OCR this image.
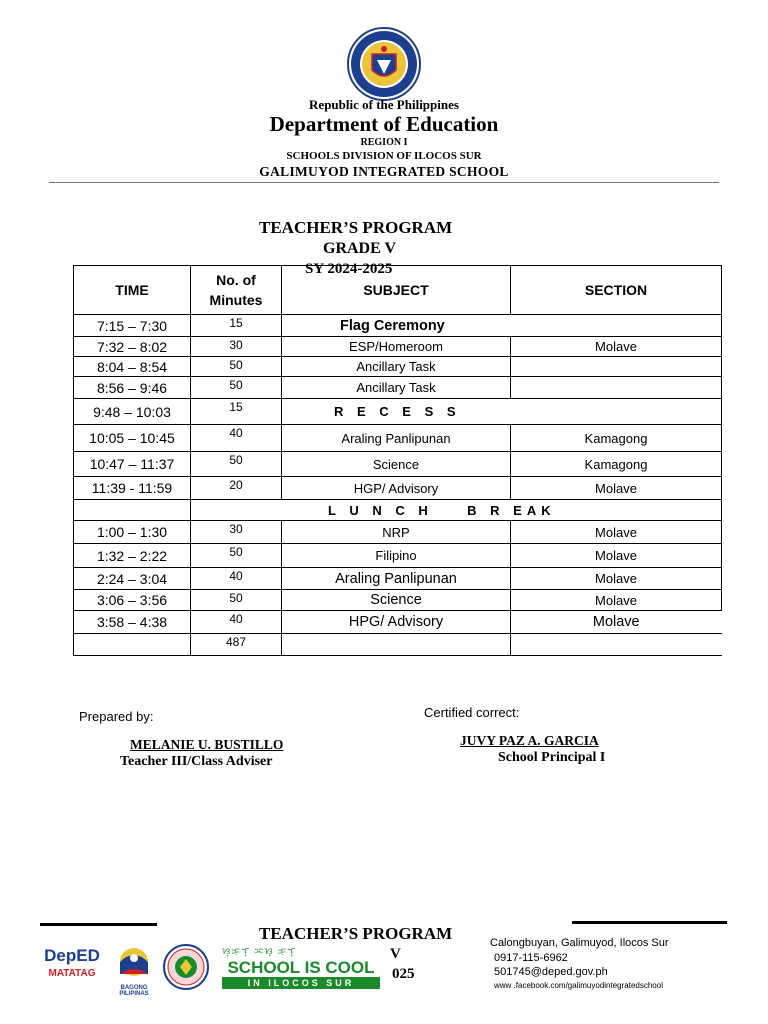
Republic of the Philippines
Department of Education
REGION I
SCHOOLS DIVISION OF ILOCOS SUR
GALIMUYOD INTEGRATED SCHOOL
TEACHER’S PROGRAM
GRADE V
SY 2024-2025
TIME	No. of Minutes	SUBJECT	SECTION
7:15 – 7:30	15	Flag Ceremony	
7:32 – 8:02	30	ESP/Homeroom	Molave
8:04 – 8:54	50	Ancillary Task	
8:56 – 9:46	50	Ancillary Task	
9:48 – 10:03	15	R E C E S S	
10:05 – 10:45	40	Araling Panlipunan	Kamagong
10:47 – 11:37	50	Science	Kamagong
11:39 - 11:59	20	HGP/ Advisory	Molave
	L U N C H    B R EAK		
1:00 – 1:30	30	NRP	Molave
1:32 – 2:22	50	Filipino	Molave
2:24 – 3:04	40	Araling Panlipunan	Molave
3:06 – 3:56	50	Science	Molave
3:58 – 4:38	40	HPG/ Advisory	Molave
	487		
Prepared by:
MELANIE U. BUSTILLO
Teacher III/Class Adviser
Certified correct:
JUVY PAZ A. GARCIA
School Principal I
TEACHER’S PROGRAM
V
025
DepED
MATATAG
BAGONG PILIPINAS
ᜐ᜔ᜃᜓᜎ᜔ ᜁᜐ᜔ ᜃᜓᜎ᜔
SCHOOL IS COOL
IN ILOCOS SUR
Calongbuyan, Galimuyod, Ilocos Sur
0917-115-6962
501745@deped.gov.ph
www .facebook.com/galimuyodintegratedschool
